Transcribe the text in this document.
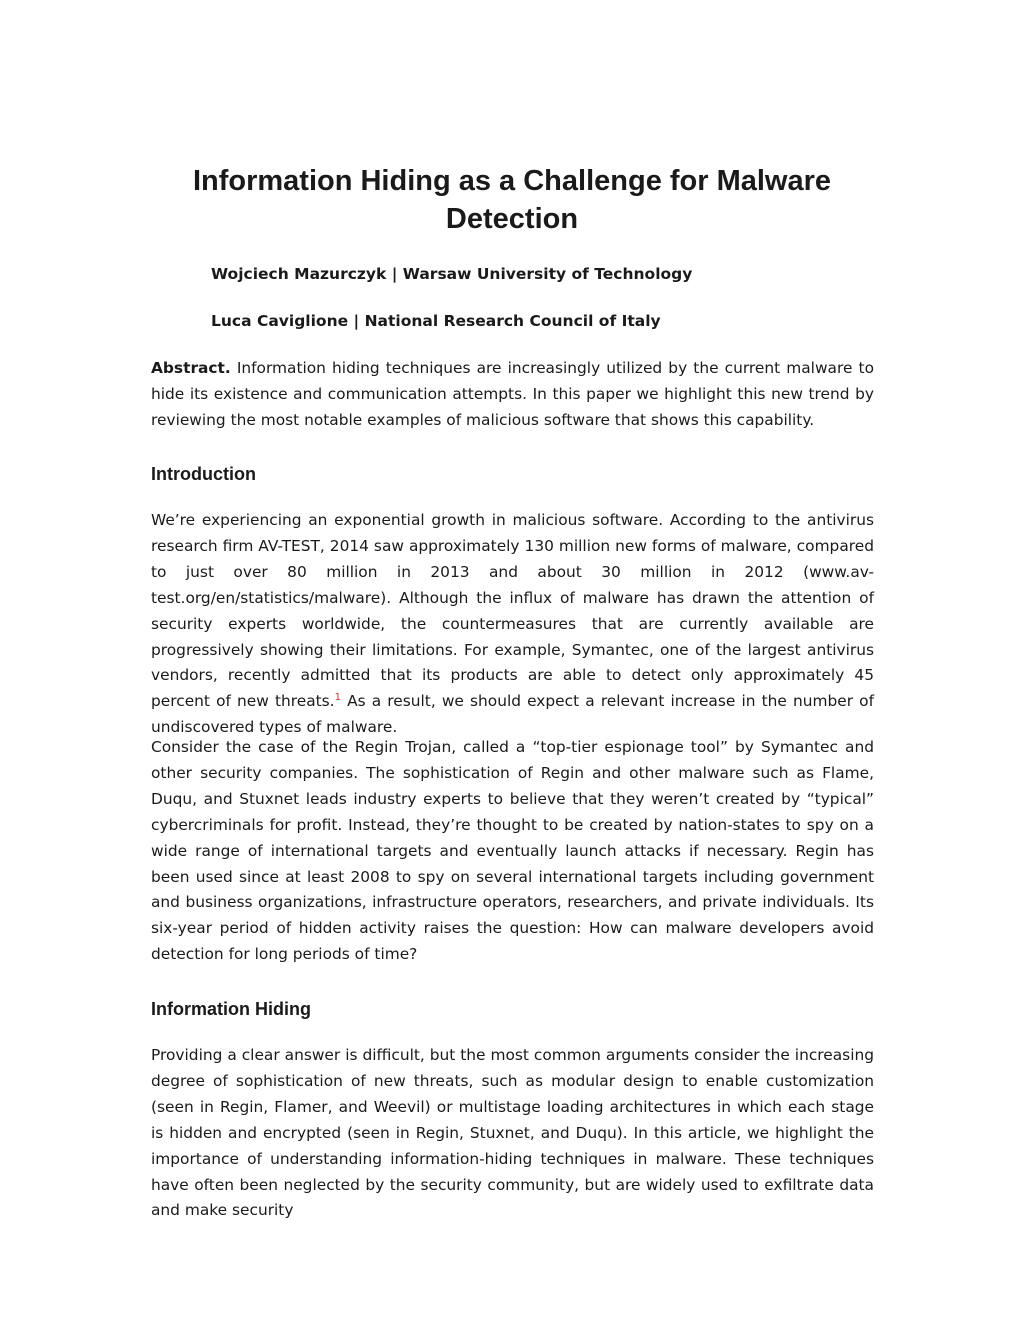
Information Hiding as a Challenge for Malware Detection

Wojciech Mazurczyk | Warsaw University of Technology

Luca Caviglione | National Research Council of Italy

Abstract. Information hiding techniques are increasingly utilized by the current malware to hide its existence and communication attempts. In this paper we highlight this new trend by reviewing the most notable examples of malicious software that shows this capability.

Introduction

We’re experiencing an exponential growth in malicious software. According to the antivirus research firm AV-TEST, 2014 saw approximately 130 million new forms of malware, compared to just over 80 million in 2013 and about 30 million in 2012 (www.av-test.org/en/statistics/malware). Although the influx of malware has drawn the attention of security experts worldwide, the countermeasures that are currently available are progressively showing their limitations. For example, Symantec, one of the largest antivirus vendors, recently admitted that its products are able to detect only approximately 45 percent of new threats.$^1$ As a result, we should expect a relevant increase in the number of undiscovered types of malware.

Consider the case of the Regin Trojan, called a “top-tier espionage tool” by Symantec and other security companies. The sophistication of Regin and other malware such as Flame, Duqu, and Stuxnet leads industry experts to believe that they weren’t created by “typical” cybercriminals for profit. Instead, they’re thought to be created by nation-states to spy on a wide range of international targets and eventually launch attacks if necessary. Regin has been used since at least 2008 to spy on several international targets including government and business organizations, infrastructure operators, researchers, and private individuals. Its six-year period of hidden activity raises the question: How can malware developers avoid detection for long periods of time?

Information Hiding

Providing a clear answer is difficult, but the most common arguments consider the increasing degree of sophistication of new threats, such as modular design to enable customization (seen in Regin, Flamer, and Weevil) or multistage loading architectures in which each stage is hidden and encrypted (seen in Regin, Stuxnet, and Duqu). In this article, we highlight the importance of understanding information-hiding techniques in malware. These techniques have often been neglected by the security community, but are widely used to exfiltrate data and make security
